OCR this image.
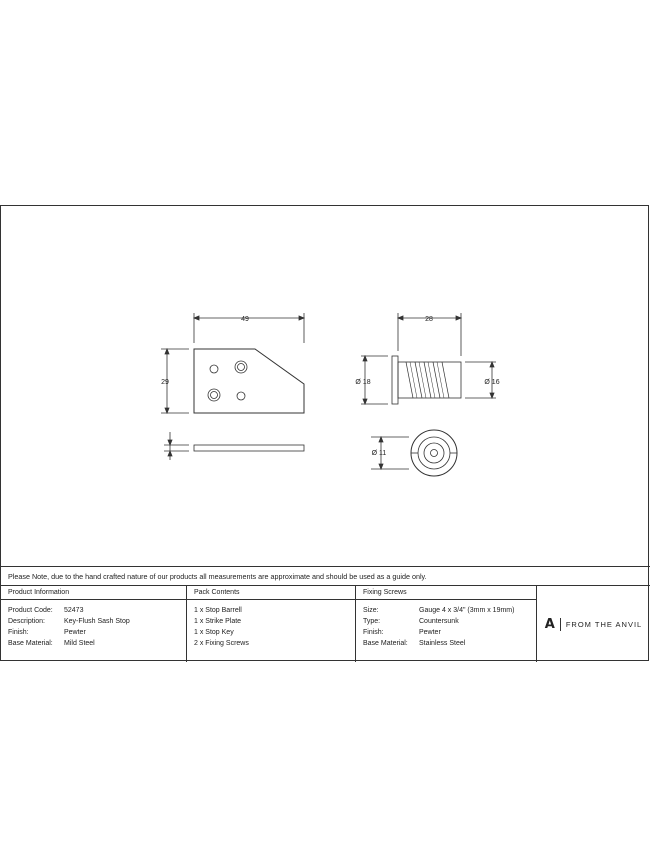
49
29
28
Ø 18	Ø 16
Ø 11
Please Note, due to the hand crafted nature of our products all measurements are approximate and should be used as a guide only.
Product Information
Product Code: 52473
Description:	Key-Flush Sash Stop
Finish:	Pewter
Base Material: Mild Steel
Pack Contents
1 x Stop Barrell
1 x Strike Plate
1 x Stop Key
2 x Fixing Screws
Fixing Screws
Size:	Gauge 4 x 3/4" (3mm x 19mm)
Type:	Countersunk
Finish:	Pewter
Base Material: Stainless Steel
A FROM THE ANVIL
